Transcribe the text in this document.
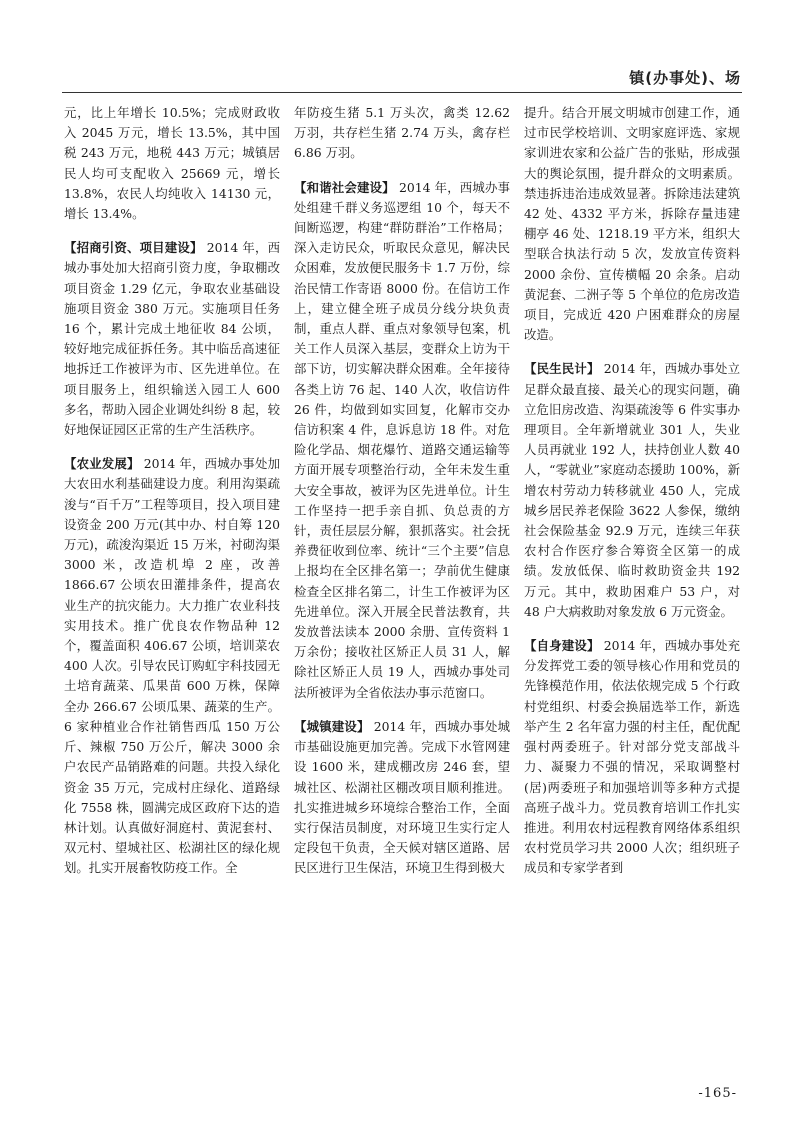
镇(办事处)、场

元，比上年增长 10.5%；完成财政收入 2045 万元，增长 13.5%，其中国税 243 万元，地税 443 万元；城镇居民人均可支配收入 25669 元，增长 13.8%，农民人均纯收入 14130 元，增长 13.4%。

【招商引资、项目建设】 2014 年，西城办事处加大招商引资力度，争取棚改项目资金 1.29 亿元，争取农业基础设施项目资金 380 万元。实施项目任务 16 个，累计完成土地征收 84 公顷，较好地完成征拆任务。其中临岳高速征地拆迁工作被评为市、区先进单位。在项目服务上，组织输送入园工人 600 多名，帮助入园企业调处纠纷 8 起，较好地保证园区正常的生产生活秩序。

【农业发展】 2014 年，西城办事处加大农田水利基础建设力度。利用沟渠疏浚与“百千万”工程等项目，投入项目建设资金 200 万元(其中办、村自筹 120 万元)，疏浚沟渠近 15 万米，衬砌沟渠 3000 米，改造机埠 2 座，改善 1866.67 公顷农田灌排条件，提高农业生产的抗灾能力。大力推广农业科技实用技术。推广优良农作物品种 12 个，覆盖面积 406.67 公顷，培训菜农 400 人次。引导农民订购虹宇科技园无土培育蔬菜、瓜果苗 600 万株，保障全办 266.67 公顷瓜果、蔬菜的生产。6 家种植业合作社销售西瓜 150 万公斤、辣椒 750 万公斤，解决 3000 余户农民产品销路难的问题。共投入绿化资金 35 万元，完成村庄绿化、道路绿化 7558 株，圆满完成区政府下达的造林计划。认真做好洞庭村、黄泥套村、双元村、望城社区、松湖社区的绿化规划。扎实开展畜牧防疫工作。全

年防疫生猪 5.1 万头次，禽类 12.62 万羽，共存栏生猪 2.74 万头，禽存栏 6.86 万羽。

【和谐社会建设】 2014 年，西城办事处组建千群义务巡逻组 10 个，每天不间断巡逻，构建“群防群治”工作格局；深入走访民众，听取民众意见，解决民众困难，发放便民服务卡 1.7 万份，综治民情工作寄语 8000 份。在信访工作上，建立健全班子成员分线分块负责制，重点人群、重点对象领导包案，机关工作人员深入基层，变群众上访为干部下访，切实解决群众困难。全年接待各类上访 76 起、140 人次，收信访件 26 件，均做到如实回复，化解市交办信访积案 4 件，息诉息访 18 件。对危险化学品、烟花爆竹、道路交通运输等方面开展专项整治行动，全年未发生重大安全事故，被评为区先进单位。计生工作坚持一把手亲自抓、负总责的方针，责任层层分解，狠抓落实。社会抚养费征收到位率、统计“三个主要”信息上报均在全区排名第一；孕前优生健康检查全区排名第二，计生工作被评为区先进单位。深入开展全民普法教育，共发放普法读本 2000 余册、宣传资料 1 万余份；接收社区矫正人员 31 人，解除社区矫正人员 19 人，西城办事处司法所被评为全省依法办事示范窗口。

【城镇建设】 2014 年，西城办事处城市基础设施更加完善。完成下水管网建设 1600 米，建成棚改房 246 套，望城社区、松湖社区棚改项目顺利推进。扎实推进城乡环境综合整治工作，全面实行保洁员制度，对环境卫生实行定人定段包干负责，全天候对辖区道路、居民区进行卫生保洁，环境卫生得到极大

提升。结合开展文明城市创建工作，通过市民学校培训、文明家庭评选、家规家训进农家和公益广告的张贴，形成强大的舆论氛围，提升群众的文明素质。禁违拆违治违成效显著。拆除违法建筑 42 处、4332 平方米，拆除存量违建棚亭 46 处、1218.19 平方米，组织大型联合执法行动 5 次，发放宣传资料 2000 余份、宣传横幅 20 余条。启动黄泥套、二洲子等 5 个单位的危房改造项目，完成近 420 户困难群众的房屋改造。

【民生民计】 2014 年，西城办事处立足群众最直接、最关心的现实问题，确立危旧房改造、沟渠疏浚等 6 件实事办理项目。全年新增就业 301 人，失业人员再就业 192 人，扶持创业人数 40 人，“零就业”家庭动态援助 100%，新增农村劳动力转移就业 450 人，完成城乡居民养老保险 3622 人参保，缴纳社会保险基金 92.9 万元，连续三年获农村合作医疗参合筹资全区第一的成绩。发放低保、临时救助资金共 192 万元。其中，救助困难户 53 户，对 48 户大病救助对象发放 6 万元资金。

【自身建设】 2014 年，西城办事处充分发挥党工委的领导核心作用和党员的先锋模范作用，依法依规完成 5 个行政村党组织、村委会换届选举工作，新选举产生 2 名年富力强的村主任，配优配强村两委班子。针对部分党支部战斗力、凝聚力不强的情况，采取调整村(居)两委班子和加强培训等多种方式提高班子战斗力。党员教育培训工作扎实推进。利用农村远程教育网络体系组织农村党员学习共 2000 人次；组织班子成员和专家学者到

-165-
